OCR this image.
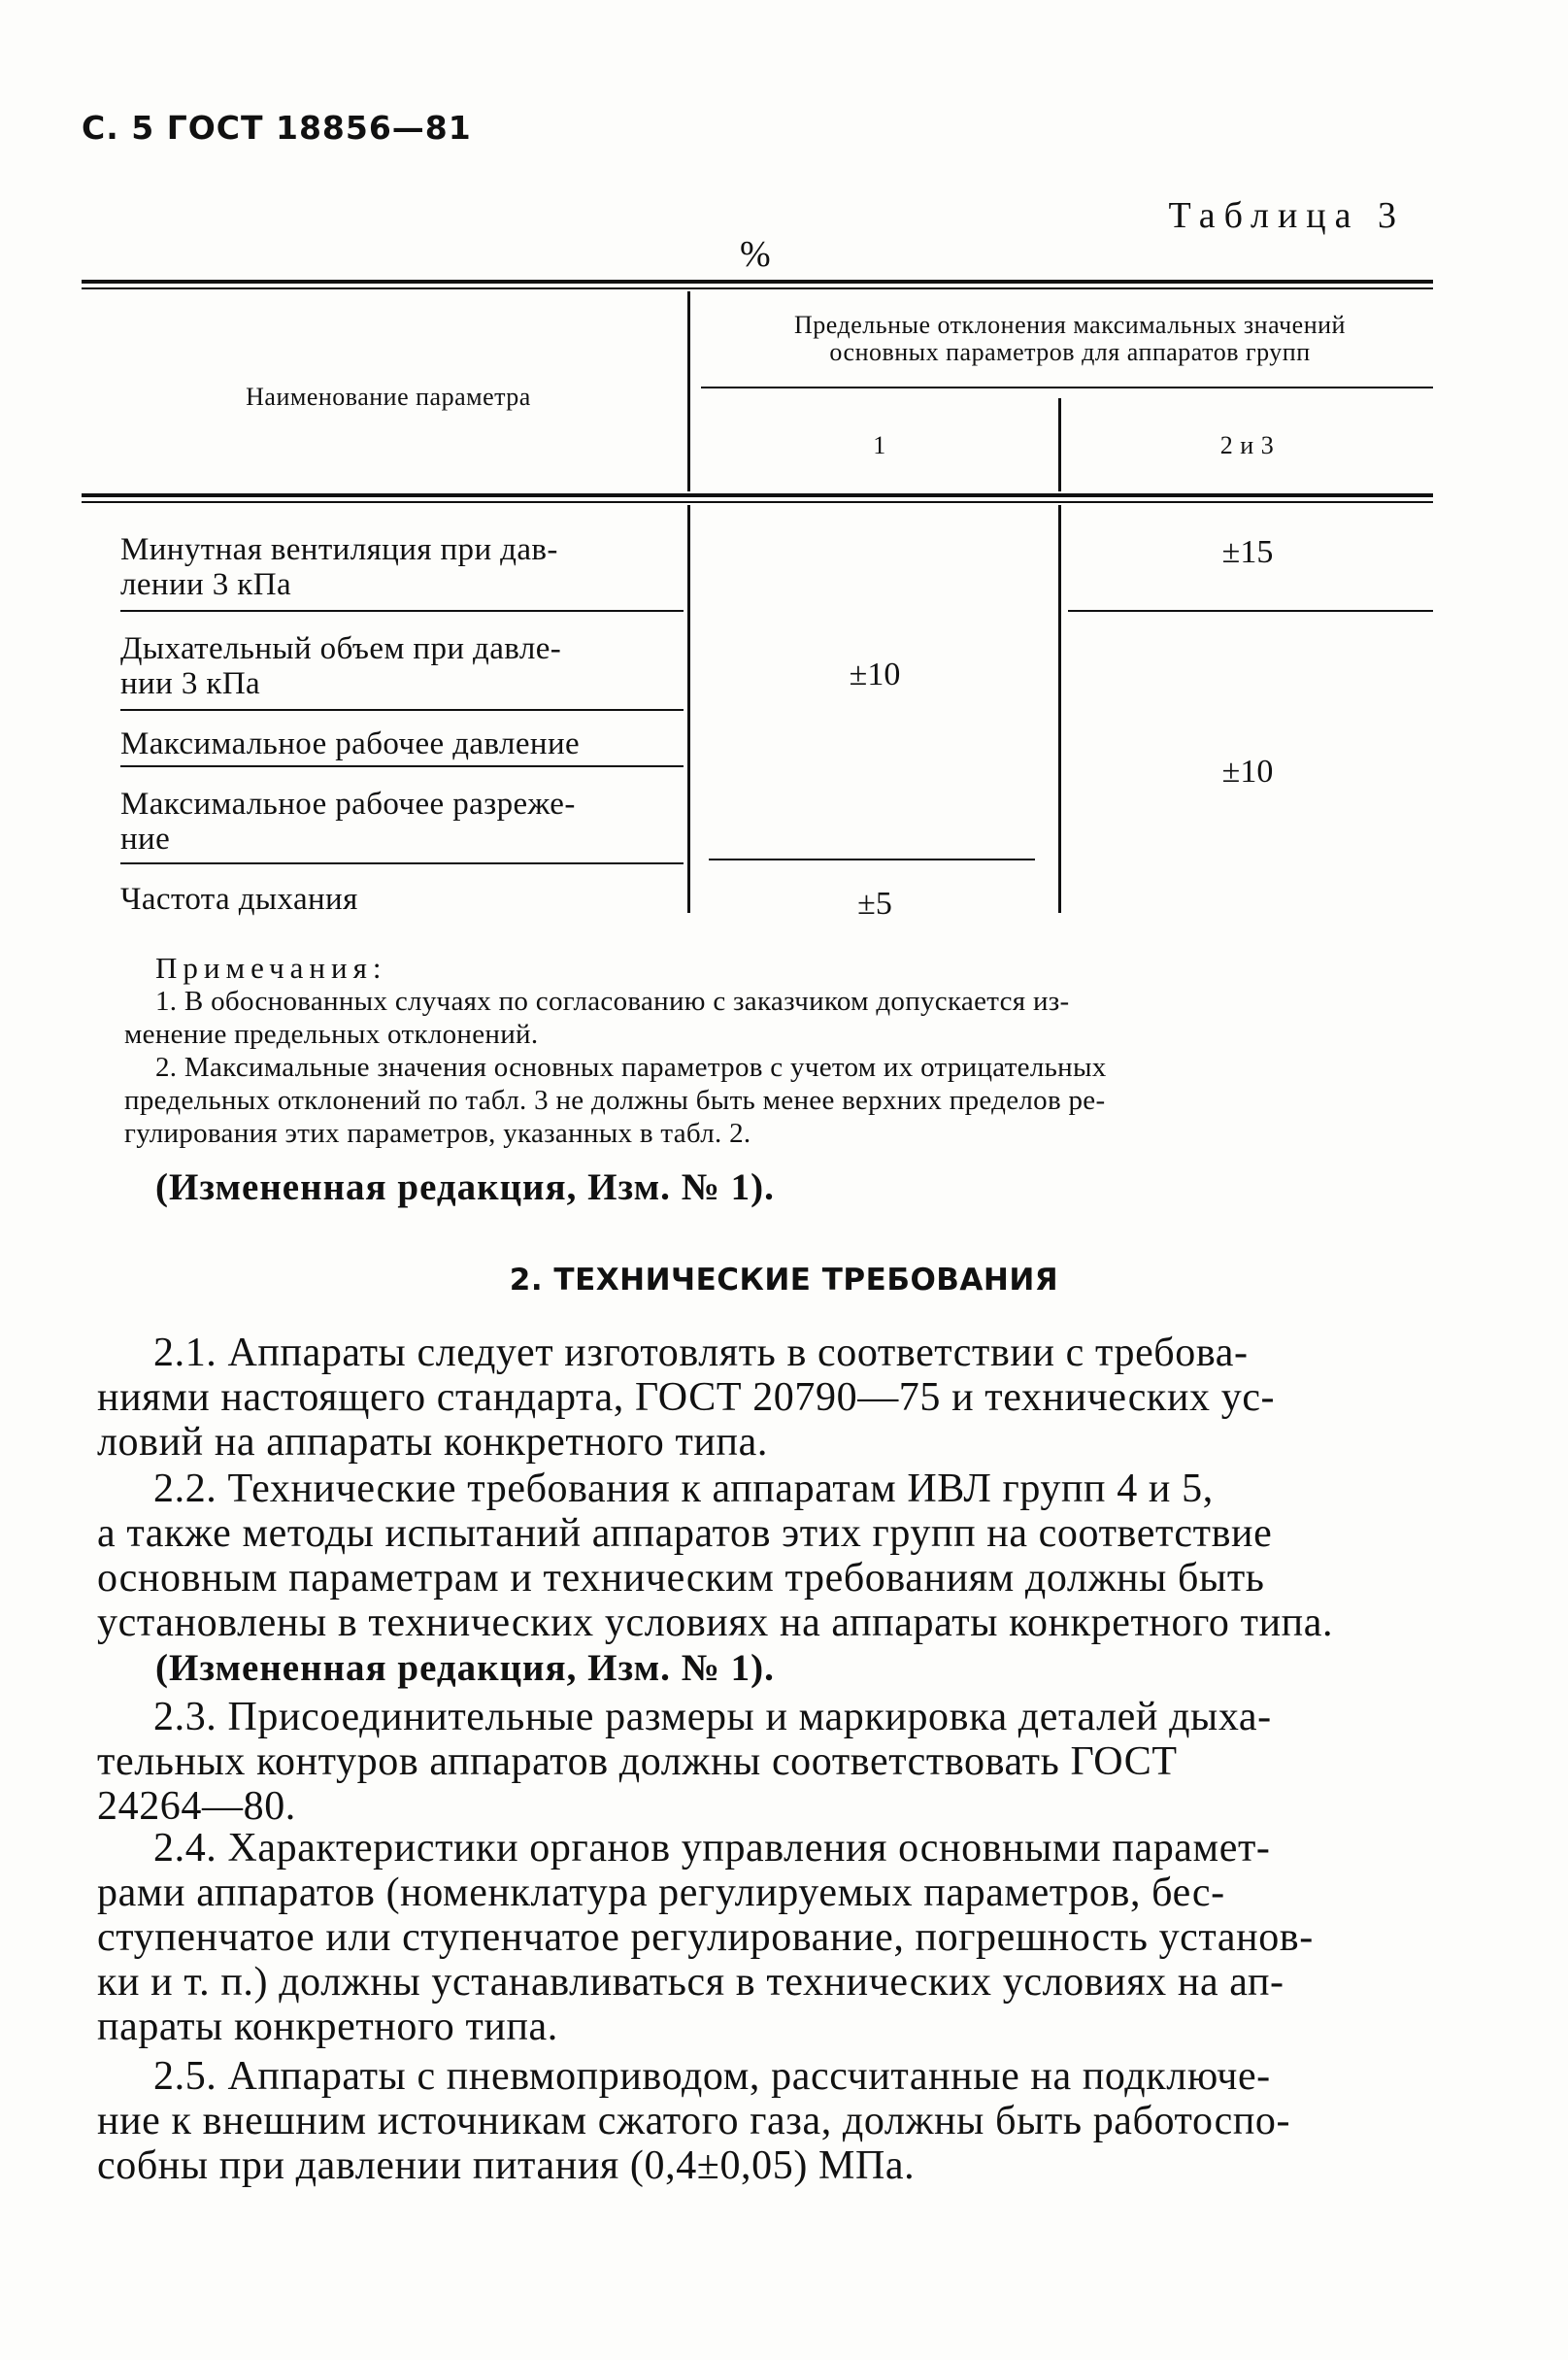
С. 5 ГОСТ 18856—81
Таблица 3
%
Наименование параметра
Предельные отклонения максимальных значений
основных параметров для аппаратов групп
1	2 и 3
Минутная вентиляция при дав-
лении 3 кПа
Дыхательный объем при давле-
нии 3 кПа
Максимальное рабочее давление
Максимальное рабочее разреже-
ние
Частота дыхания
±10
±5
±15
±10
Примечания:
1. В обоснованных случаях по согласованию с заказчиком допускается из-
менение предельных отклонений.
2. Максимальные значения основных параметров с учетом их отрицательных
предельных отклонений по табл. 3 не должны быть менее верхних пределов ре-
гулирования этих параметров, указанных в табл. 2.
(Измененная редакция, Изм. № 1).
2. ТЕХНИЧЕСКИЕ ТРЕБОВАНИЯ
2.1. Аппараты следует изготовлять в соответствии с требова-
ниями настоящего стандарта, ГОСТ 20790—75 и технических ус-
ловий на аппараты конкретного типа.
2.2. Технические требования к аппаратам ИВЛ групп 4 и 5,
а также методы испытаний аппаратов этих групп на соответствие
основным параметрам и техническим требованиям должны быть
установлены в технических условиях на аппараты конкретного типа.
(Измененная редакция, Изм. № 1).
2.3. Присоединительные размеры и маркировка деталей дыха-
тельных контуров аппаратов должны соответствовать ГОСТ
24264—80.
2.4. Характеристики органов управления основными парамет-
рами аппаратов (номенклатура регулируемых параметров, бес-
ступенчатое или ступенчатое регулирование, погрешность установ-
ки и т. п.) должны устанавливаться в технических условиях на ап-
параты конкретного типа.
2.5. Аппараты с пневмоприводом, рассчитанные на подключе-
ние к внешним источникам сжатого газа, должны быть работоспо-
собны при давлении питания (0,4±0,05) МПа.
